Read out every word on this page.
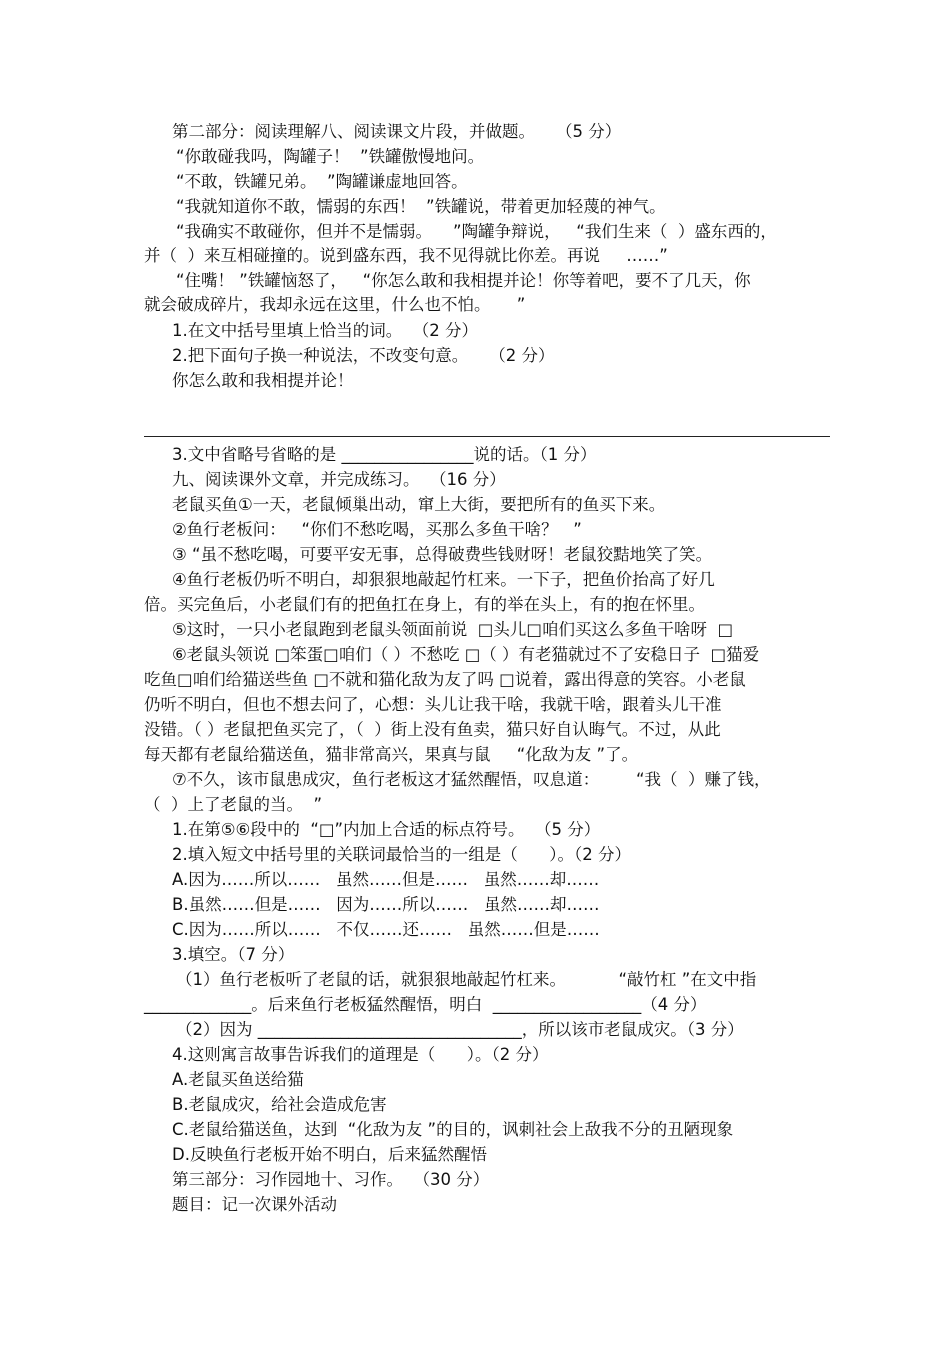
第二部分：阅读理解八、阅读课文片段，并做题。    （5 分）
“你敢碰我吗，陶罐子！  ”铁罐傲慢地问。
“不敢，铁罐兄弟。  ”陶罐谦虚地回答。
“我就知道你不敢，懦弱的东西！  ”铁罐说，带着更加轻蔑的神气。
“我确实不敢碰你，但并不是懦弱。    ”陶罐争辩说，   “我们生来（  ）盛东西的，
并（  ）来互相碰撞的。说到盛东西，我不见得就比你差。再说     ……”
“住嘴！ ”铁罐恼怒了，   “你怎么敢和我相提并论！你等着吧，要不了几天，你
就会破成碎片，我却永远在这里，什么也不怕。     ”
1.在文中括号里填上恰当的词。  （2 分）
2.把下面句子换一种说法，不改变句意。    （2 分）
你怎么敢和我相提并论！
3.文中省略号省略的是 ________________说的话。（1 分）
九、阅读课外文章，并完成练习。  （16 分）
老鼠买鱼①一天，老鼠倾巢出动，窜上大街，要把所有的鱼买下来。
②鱼行老板问：   “你们不愁吃喝，买那么多鱼干啥？   ”
③ “虽不愁吃喝，可要平安无事，总得破费些钱财呀！老鼠狡黠地笑了笑。
④鱼行老板仍听不明白，却狠狠地敲起竹杠来。一下子，把鱼价抬高了好几
倍。买完鱼后，小老鼠们有的把鱼扛在身上，有的举在头上，有的抱在怀里。
⑤这时，一只小老鼠跑到老鼠头领面前说  □头儿□咱们买这么多鱼干啥呀  □
⑥老鼠头领说 □笨蛋□咱们（ ）不愁吃 □（ ）有老猫就过不了安稳日子  □猫爱
吃鱼□咱们给猫送些鱼 □不就和猫化敌为友了吗 □说着，露出得意的笑容。小老鼠
仍听不明白，但也不想去问了，心想：头儿让我干啥，我就干啥，跟着头儿干准
没错。（ ）老鼠把鱼买完了，（  ）街上没有鱼卖，猫只好自认晦气。不过，从此
每天都有老鼠给猫送鱼，猫非常高兴，果真与鼠     “化敌为友 ”了。
⑦不久，该市鼠患成灾，鱼行老板这才猛然醒悟，叹息道：       “我（  ）赚了钱，
（  ）上了老鼠的当。  ”
1.在第⑤⑥段中的  “□”内加上合适的标点符号。  （5 分）
2.填入短文中括号里的关联词最恰当的一组是（      ）。（2 分）
A.因为……所以……   虽然……但是……   虽然……却……
B.虽然……但是……   因为……所以……   虽然……却……
C.因为……所以……   不仅……还……   虽然……但是……
3.填空。（7 分）
（1）鱼行老板听了老鼠的话，就狠狠地敲起竹杠来。          “敲竹杠 ”在文中指
_____________。后来鱼行老板猛然醒悟，明白  __________________（4 分）
（2）因为 ________________________________，所以该市老鼠成灾。（3 分）
4.这则寓言故事告诉我们的道理是（      ）。（2 分）
A.老鼠买鱼送给猫
B.老鼠成灾，给社会造成危害
C.老鼠给猫送鱼，达到  “化敌为友 ”的目的，讽刺社会上敌我不分的丑陋现象
D.反映鱼行老板开始不明白，后来猛然醒悟
第三部分：习作园地十、习作。  （30 分）
题目：记一次课外活动
